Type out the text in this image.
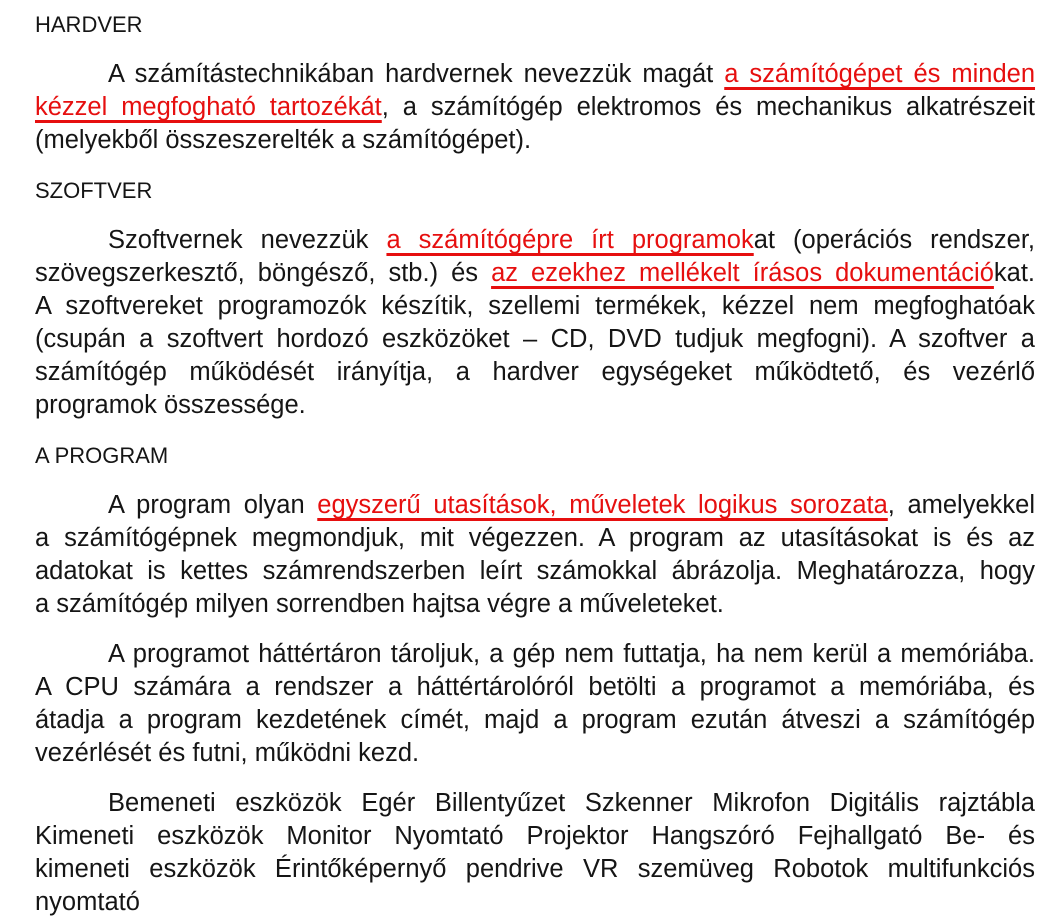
HARDVER
A számítástechnikában hardvernek nevezzük magát a számítógépet és minden
kézzel megfogható tartozékát, a számítógép elektromos és mechanikus alkatrészeit
(melyekből összeszerelték a számítógépet).
SZOFTVER
Szoftvernek nevezzük a számítógépre írt programokat (operációs rendszer,
szövegszerkesztő, böngésző, stb.) és az ezekhez mellékelt írásos dokumentációkat.
A szoftvereket programozók készítik, szellemi termékek, kézzel nem megfoghatóak
(csupán a szoftvert hordozó eszközöket – CD, DVD tudjuk megfogni). A szoftver a
számítógép működését irányítja, a hardver egységeket működtető, és vezérlő
programok összessége.
A PROGRAM
A program olyan egyszerű utasítások, műveletek logikus sorozata, amelyekkel
a számítógépnek megmondjuk, mit végezzen. A program az utasításokat is és az
adatokat is kettes számrendszerben leírt számokkal ábrázolja. Meghatározza, hogy
a számítógép milyen sorrendben hajtsa végre a műveleteket.
A programot háttértáron tároljuk, a gép nem futtatja, ha nem kerül a memóriába.
A CPU számára a rendszer a háttértárolóról betölti a programot a memóriába, és
átadja a program kezdetének címét, majd a program ezután átveszi a számítógép
vezérlését és futni, működni kezd.
Bemeneti eszközök Egér Billentyűzet Szkenner Mikrofon Digitális rajztábla
Kimeneti eszközök Monitor Nyomtató Projektor Hangszóró Fejhallgató Be- és
kimeneti eszközök Érintőképernyő pendrive VR szemüveg Robotok multifunkciós
nyomtató
